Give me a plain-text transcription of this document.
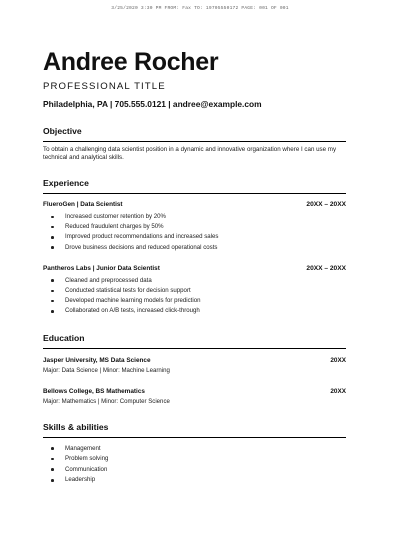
3/25/2020 3:30 PM FROM: Fax TO: 19705550172 PAGE: 001 OF 001
Andree Rocher
PROFESSIONAL TITLE
Philadelphia, PA | 705.555.0121 | andree@example.com
Objective
To obtain a challenging data scientist position in a dynamic and innovative organization where I can use my technical and analytical skills.
Experience
FlueroGen | Data Scientist	20XX – 20XX
Increased customer retention by 20%
Reduced fraudulent charges by 50%
Improved product recommendations and increased sales
Drove business decisions and reduced operational costs
Pantheros Labs | Junior Data Scientist	20XX – 20XX
Cleaned and preprocessed data
Conducted statistical tests for decision support
Developed machine learning models for prediction
Collaborated on A/B tests, increased click-through
Education
Jasper University, MS Data Science	20XX
Major: Data Science | Minor: Machine Learning
Bellows College, BS Mathematics	20XX
Major: Mathematics | Minor: Computer Science
Skills & abilities
Management
Problem solving
Communication
Leadership
